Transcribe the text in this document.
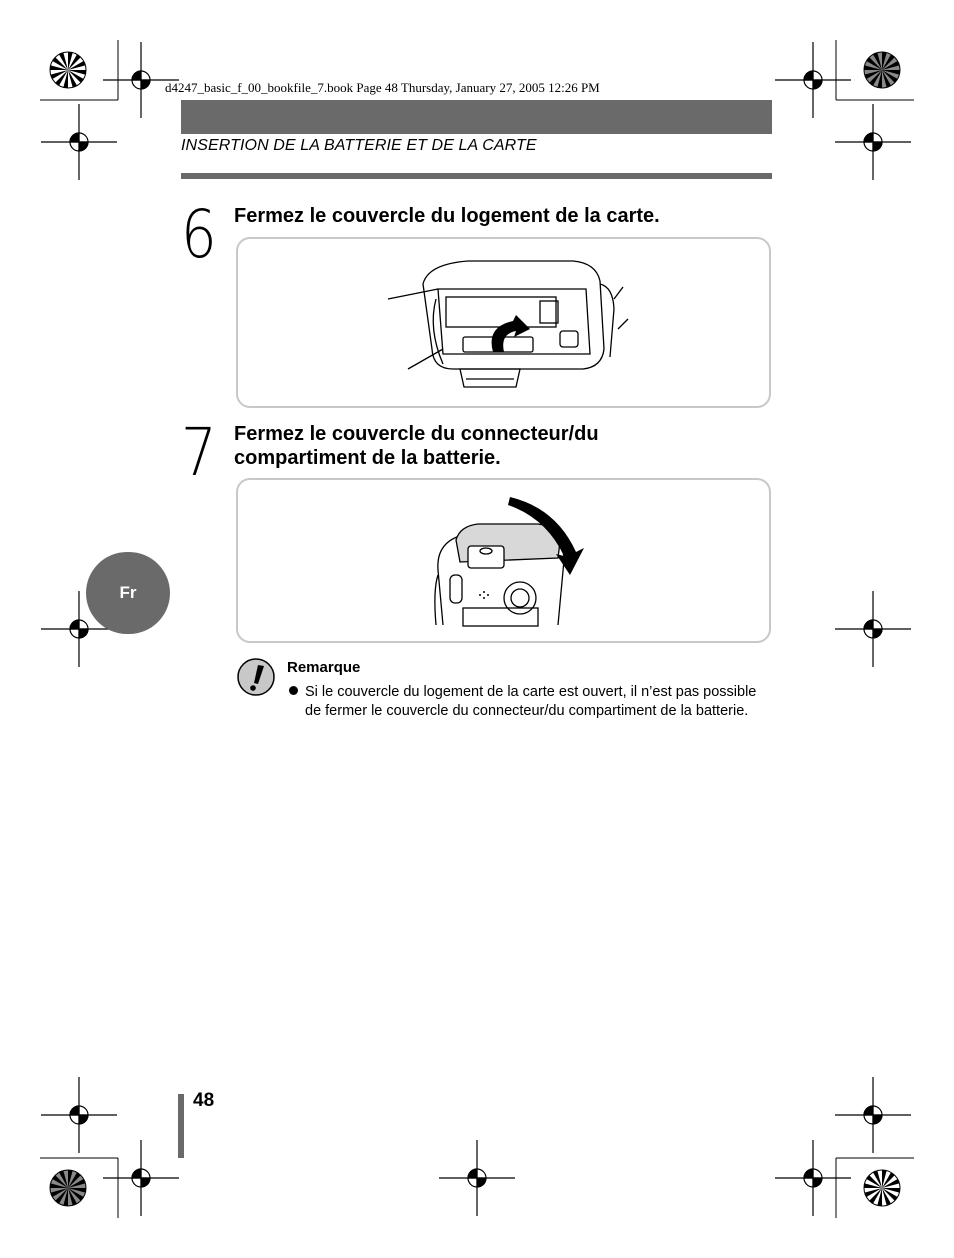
d4247_basic_f_00_bookfile_7.book Page 48 Thursday, January 27, 2005 12:26 PM
INSERTION DE LA BATTERIE ET DE LA CARTE
6 Fermez le couvercle du logement de la carte.
7 Fermez le couvercle du connecteur/du
compartiment de la batterie.
Fr
Remarque
Si le couvercle du logement de la carte est ouvert, il n’est pas possible
de fermer le couvercle du connecteur/du compartiment de la batterie.
48
